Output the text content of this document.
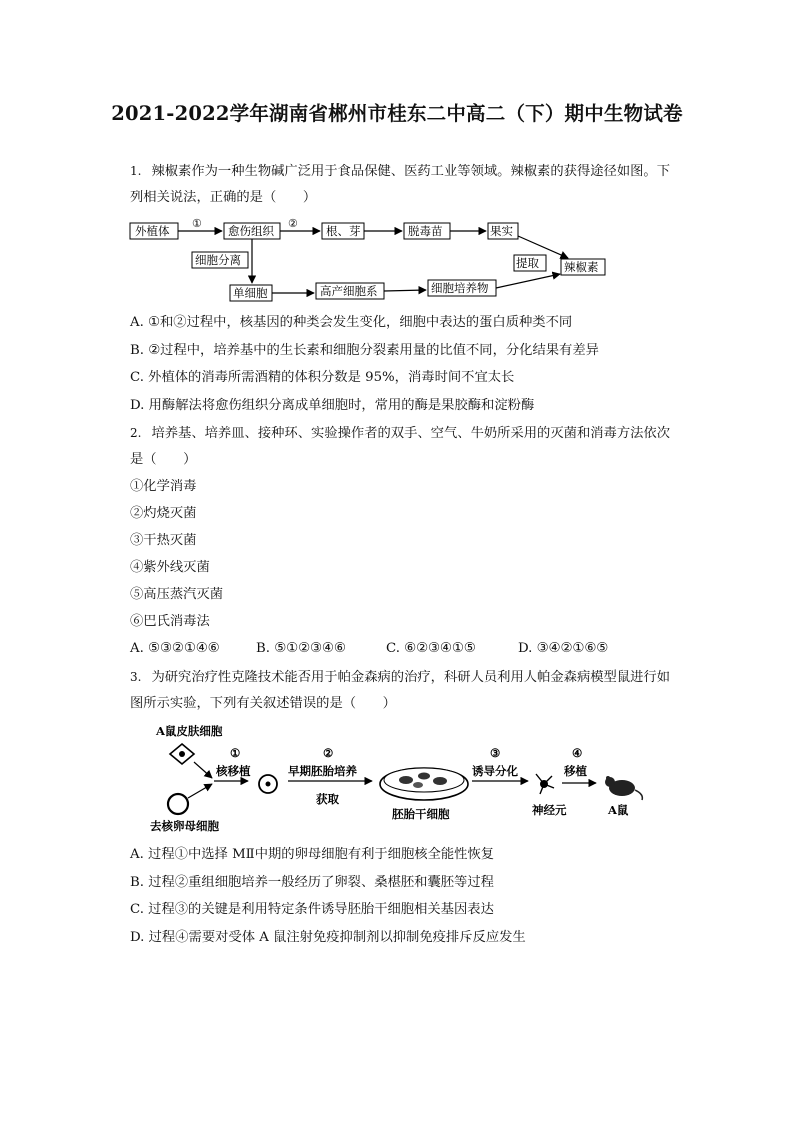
2021-2022学年湖南省郴州市桂东二中高二（下）期中生物试卷
1. 辣椒素作为一种生物碱广泛用于食品保健、医药工业等领域。辣椒素的获得途径如图。下
列相关说法，正确的是（　　）
外植体	愈伤组织	根、芽	脱毒苗	果实
辣椒素
单细胞	高产细胞系	细胞培养物
细胞分离	提取
①	②
A. ①和②过程中，核基因的种类会发生变化，细胞中表达的蛋白质种类不同
B. ②过程中，培养基中的生长素和细胞分裂素用量的比值不同，分化结果有差异
C. 外植体的消毒所需酒精的体积分数是 95%，消毒时间不宜太长
D. 用酶解法将愈伤组织分离成单细胞时，常用的酶是果胶酶和淀粉酶
2. 培养基、培养皿、接种环、实验操作者的双手、空气、牛奶所采用的灭菌和消毒方法依次
是（　　）
①化学消毒
②灼烧灭菌
③干热灭菌
④紫外线灭菌
⑤高压蒸汽灭菌
⑥巴氏消毒法
A. ⑤③②①④⑥	B. ⑤①②③④⑥	C. ⑥②③④①⑤	D. ③④②①⑥⑤
3. 为研究治疗性克隆技术能否用于帕金森病的治疗，科研人员利用人帕金森病模型鼠进行如
图所示实验，下列有关叙述错误的是（　　）
A鼠皮肤细胞
去核卵母细胞
①
核移植
②
早期胚胎培养
获取
胚胎干细胞
③
诱导分化
神经元
④
移植
A鼠
A. 过程①中选择 MⅡ中期的卵母细胞有利于细胞核全能性恢复
B. 过程②重组细胞培养一般经历了卵裂、桑椹胚和囊胚等过程
C. 过程③的关键是利用特定条件诱导胚胎干细胞相关基因表达
D. 过程④需要对受体 A 鼠注射免疫抑制剂以抑制免疫排斥反应发生
